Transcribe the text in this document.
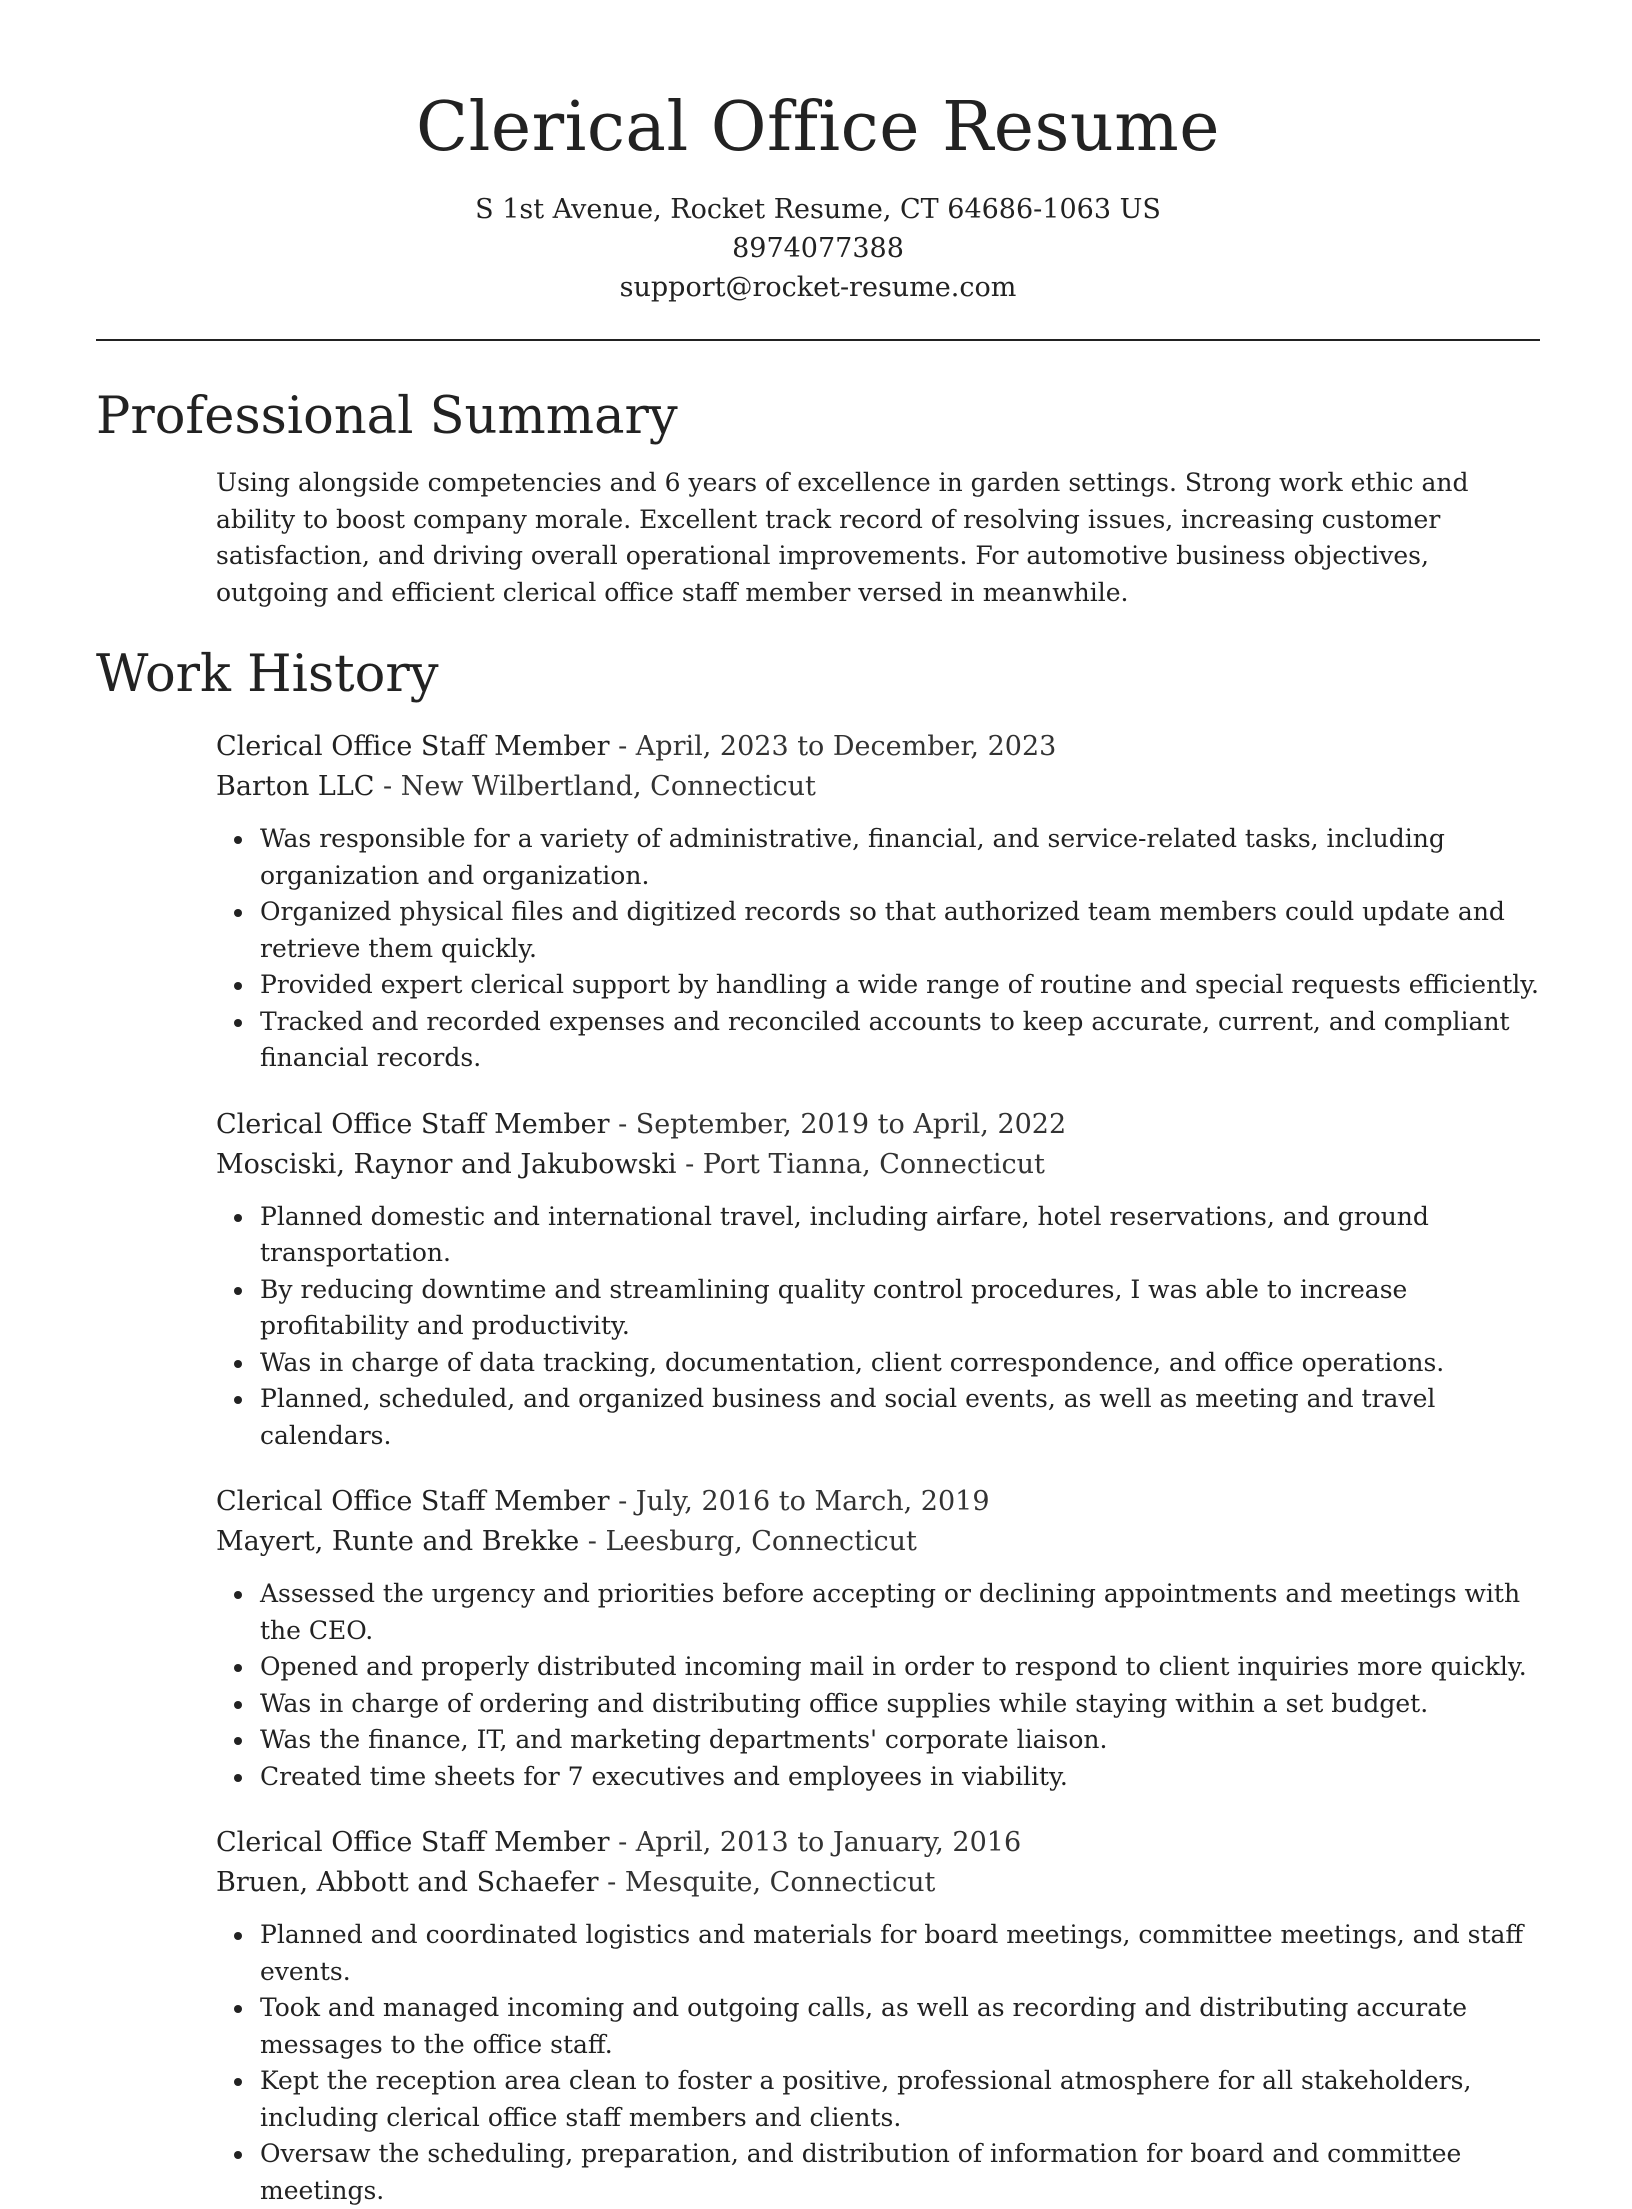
Clerical Office Resume
S 1st Avenue, Rocket Resume, CT 64686-1063 US
8974077388
support@rocket-resume.com
Professional Summary

Using alongside competencies and 6 years of excellence in garden settings. Strong work ethic and ability to boost company morale. Excellent track record of resolving issues, increasing customer satisfaction, and driving overall operational improvements. For automotive business objectives, outgoing and efficient clerical office staff member versed in meanwhile.

Work History
Clerical Office Staff Member - April, 2023 to December, 2023
Barton LLC - New Wilbertland, Connecticut
Was responsible for a variety of administrative, financial, and service-related tasks, including organization and organization.
Organized physical files and digitized records so that authorized team members could update and retrieve them quickly.
Provided expert clerical support by handling a wide range of routine and special requests efficiently.
Tracked and recorded expenses and reconciled accounts to keep accurate, current, and compliant financial records.
Clerical Office Staff Member - September, 2019 to April, 2022
Mosciski, Raynor and Jakubowski - Port Tianna, Connecticut
Planned domestic and international travel, including airfare, hotel reservations, and ground transportation.
By reducing downtime and streamlining quality control procedures, I was able to increase profitability and productivity.
Was in charge of data tracking, documentation, client correspondence, and office operations.
Planned, scheduled, and organized business and social events, as well as meeting and travel calendars.
Clerical Office Staff Member - July, 2016 to March, 2019
Mayert, Runte and Brekke - Leesburg, Connecticut
Assessed the urgency and priorities before accepting or declining appointments and meetings with the CEO.
Opened and properly distributed incoming mail in order to respond to client inquiries more quickly.
Was in charge of ordering and distributing office supplies while staying within a set budget.
Was the finance, IT, and marketing departments' corporate liaison.
Created time sheets for 7 executives and employees in viability.
Clerical Office Staff Member - April, 2013 to January, 2016
Bruen, Abbott and Schaefer - Mesquite, Connecticut
Planned and coordinated logistics and materials for board meetings, committee meetings, and staff events.
Took and managed incoming and outgoing calls, as well as recording and distributing accurate messages to the office staff.
Kept the reception area clean to foster a positive, professional atmosphere for all stakeholders, including clerical office staff members and clients.
Oversaw the scheduling, preparation, and distribution of information for board and committee meetings.
